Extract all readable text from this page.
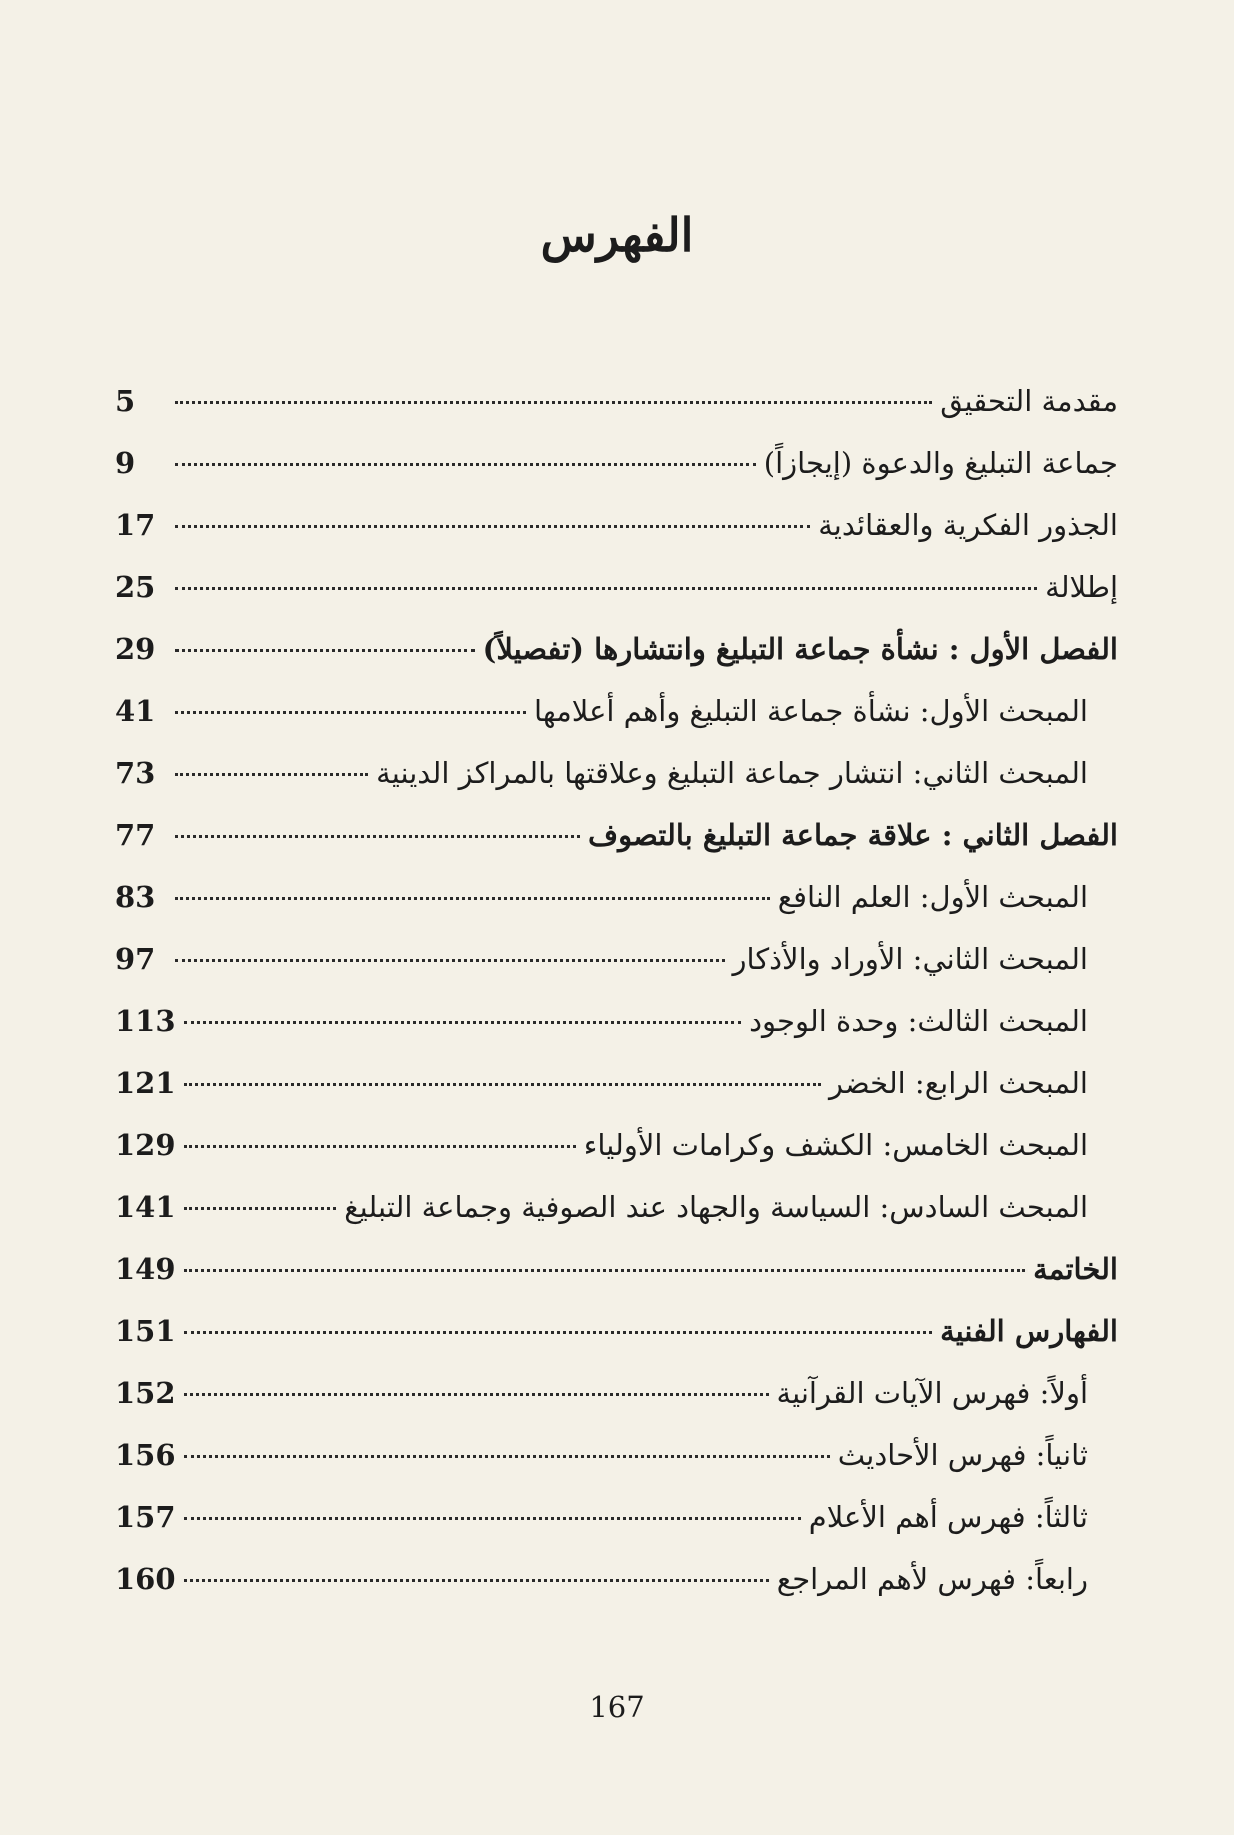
الفهرس
مقدمة التحقيق
5
جماعة التبليغ والدعوة (إيجازاً)
9
الجذور الفكرية والعقائدية
17
إطلالة
25
الفصل الأول : نشأة جماعة التبليغ وانتشارها (تفصيلاً)
29
المبحث الأول: نشأة جماعة التبليغ وأهم أعلامها
41
المبحث الثاني: انتشار جماعة التبليغ وعلاقتها بالمراكز الدينية
73
الفصل الثاني : علاقة جماعة التبليغ بالتصوف
77
المبحث الأول: العلم النافع
83
المبحث الثاني: الأوراد والأذكار
97
المبحث الثالث: وحدة الوجود
113
المبحث الرابع: الخضر
121
المبحث الخامس: الكشف وكرامات الأولياء
129
المبحث السادس: السياسة والجهاد عند الصوفية وجماعة التبليغ
141
الخاتمة
149
الفهارس الفنية
151
أولاً: فهرس الآيات القرآنية
152
ثانياً: فهرس الأحاديث
156
ثالثاً: فهرس أهم الأعلام
157
رابعاً: فهرس لأهم المراجع
160
167
